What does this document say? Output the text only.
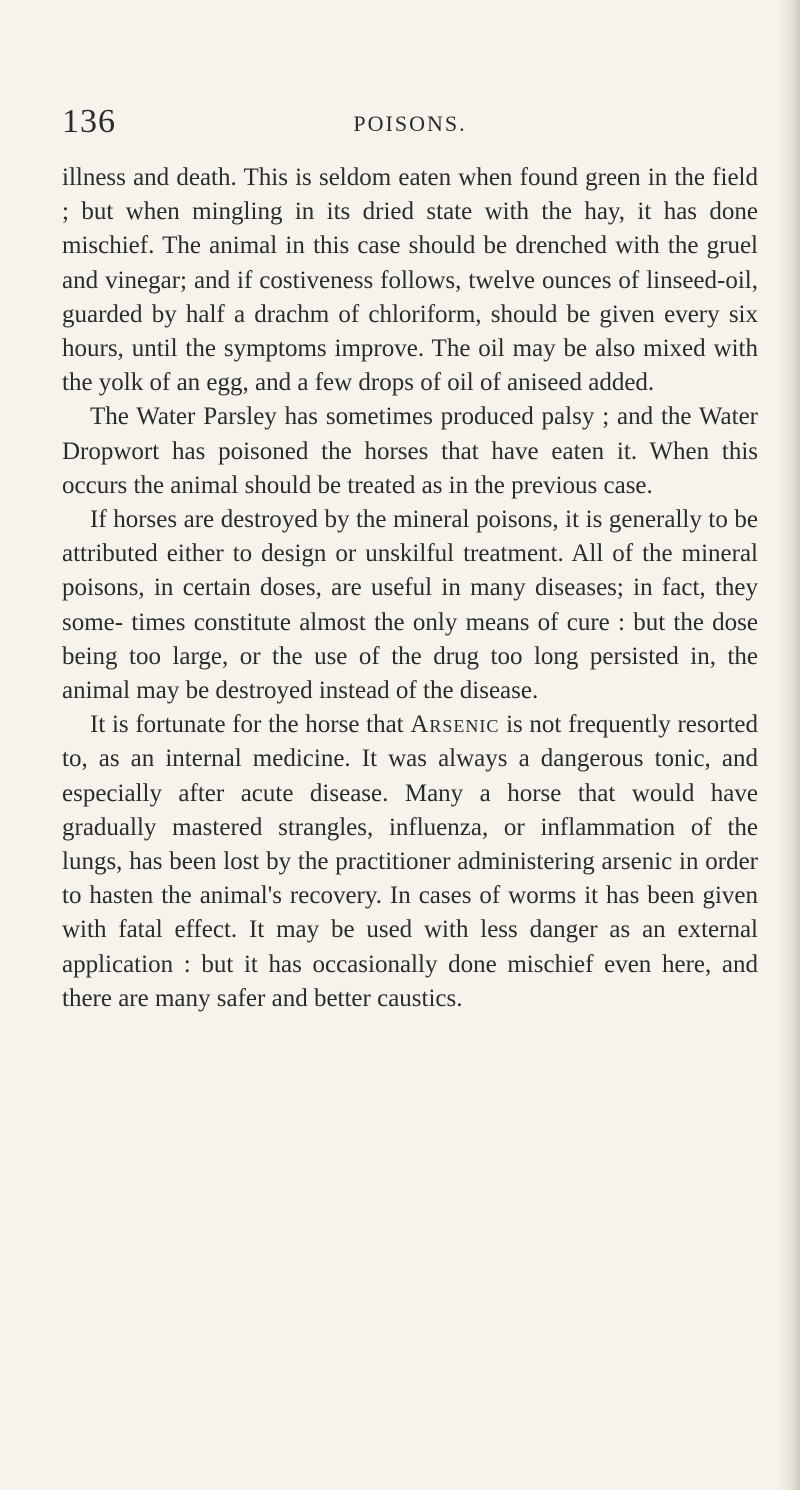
136	POISONS.

illness and death. This is seldom eaten when found green in the field ; but when mingling in its dried state with the hay, it has done mischief. The animal in this case should be drenched with the gruel and vinegar; and if costiveness follows, twelve ounces of linseed-oil, guarded by half a drachm of chloriform, should be given every six hours, until the symptoms improve. The oil may be also mixed with the yolk of an egg, and a few drops of oil of aniseed added.

The Water Parsley has sometimes produced palsy ; and the Water Dropwort has poisoned the horses that have eaten it. When this occurs the animal should be treated as in the previous case.

If horses are destroyed by the mineral poisons, it is generally to be attributed either to design or unskilful treatment. All of the mineral poisons, in certain doses, are useful in many diseases; in fact, they some- times constitute almost the only means of cure : but the dose being too large, or the use of the drug too long persisted in, the animal may be destroyed instead of the disease.

It is fortunate for the horse that Arsenic is not frequently resorted to, as an internal medicine. It was always a dangerous tonic, and especially after acute disease. Many a horse that would have gradually mastered strangles, influenza, or inflammation of the lungs, has been lost by the practitioner administering arsenic in order to hasten the animal's recovery. In cases of worms it has been given with fatal effect. It may be used with less danger as an external application : but it has occasionally done mischief even here, and there are many safer and better caustics.
